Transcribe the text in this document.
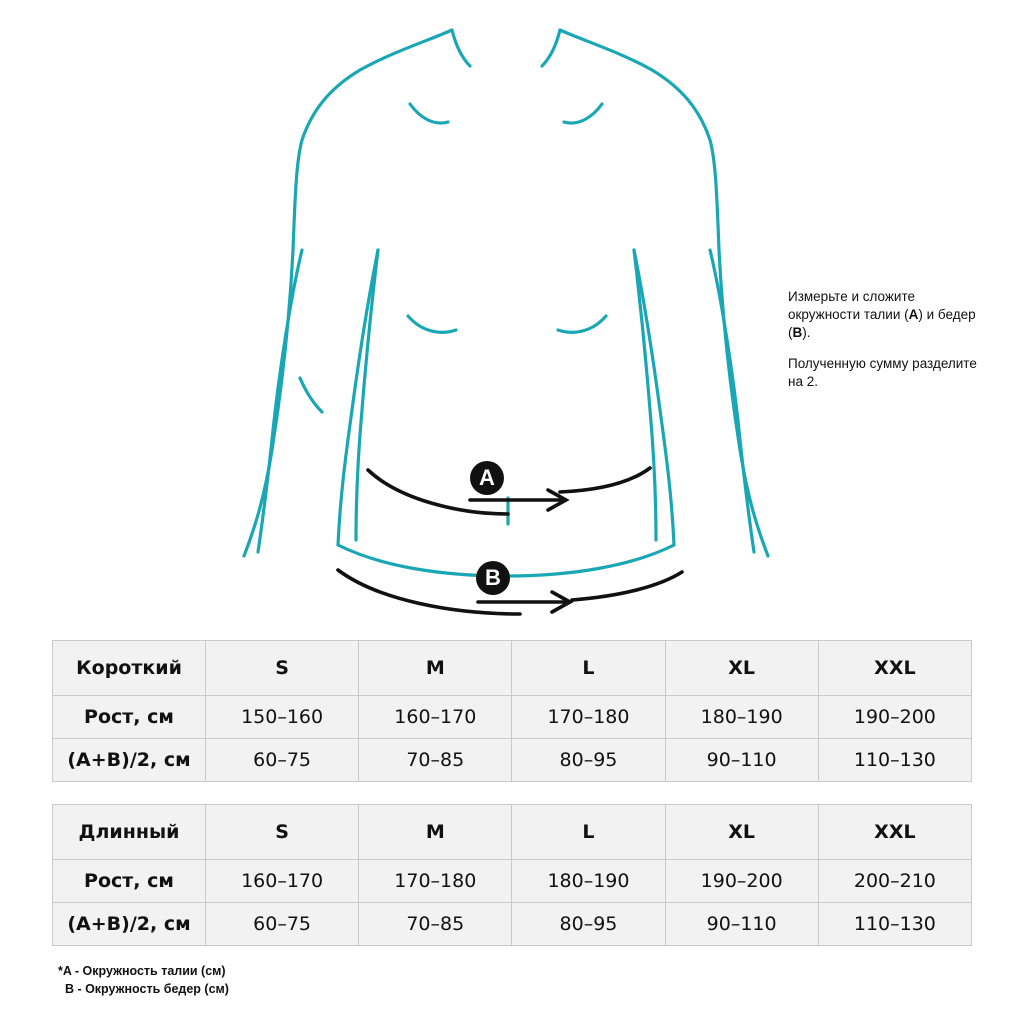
A
B

Измерьте и сложите окружности талии (A) и бедер (B).

Полученную сумму разделите на 2.

Короткий	S	M	L	XL	XXL
Рост, см	150–160	160–170	170–180	180–190	190–200
(A+B)/2, см	60–75	70–85	80–95	90–110	110–130
Длинный	S	M	L	XL	XXL
Рост, см	160–170	170–180	180–190	190–200	200–210
(A+B)/2, см	60–75	70–85	80–95	90–110	110–130
*A - Окружность талии (см)
B - Окружность бедер (см)
